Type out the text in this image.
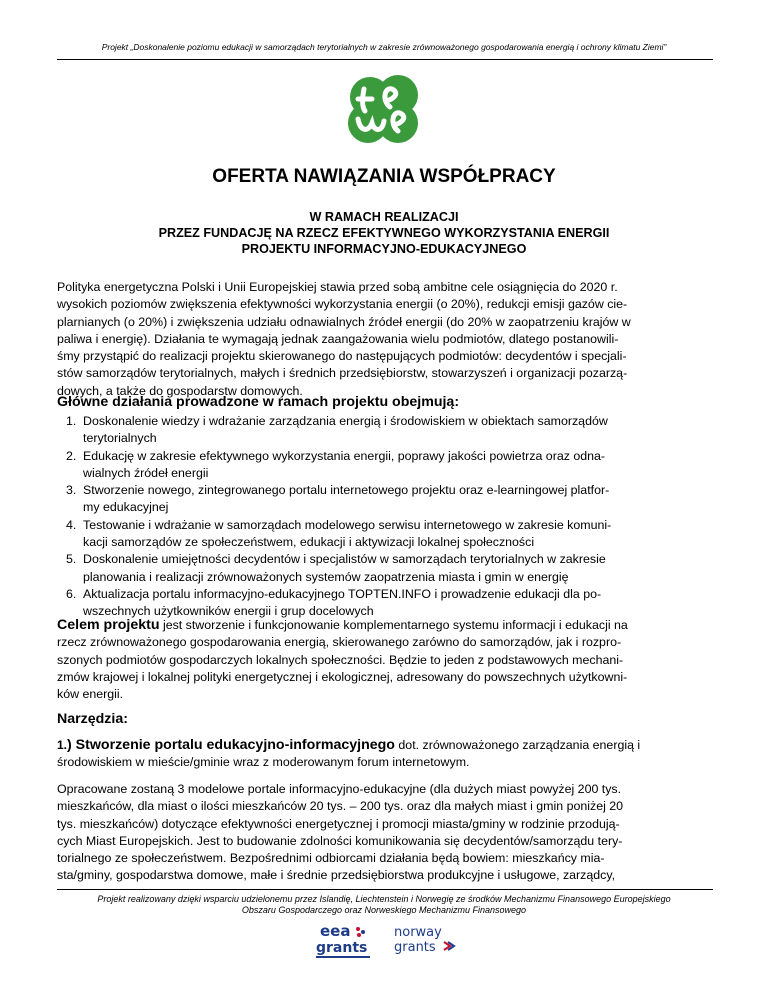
Projekt „Doskonalenie poziomu edukacji w samorządach terytorialnych w zakresie zrównoważonego gospodarowania energią i ochrony klimatu Ziemi”
OFERTA NAWIĄZANIA WSPÓŁPRACY
W RAMACH REALIZACJI
PRZEZ FUNDACJĘ NA RZECZ EFEKTYWNEGO WYKORZYSTANIA ENERGII
PROJEKTU INFORMACYJNO-EDUKACYJNEGO
Polityka energetyczna Polski i Unii Europejskiej stawia przed sobą ambitne cele osiągnięcia do 2020 r.
wysokich poziomów zwiększenia efektywności wykorzystania energii (o 20%), redukcji emisji gazów cie-
plarnianych (o 20%) i zwiększenia udziału odnawialnych źródeł energii (do 20% w zaopatrzeniu krajów w
paliwa i energię). Działania te wymagają jednak zaangażowania wielu podmiotów, dlatego postanowili-
śmy przystąpić do realizacji projektu skierowanego do następujących podmiotów: decydentów i specjali-
stów samorządów terytorialnych, małych i średnich przedsiębiorstw, stowarzyszeń i organizacji pozarzą-
dowych, a także do gospodarstw domowych.
Główne działania prowadzone w ramach projektu obejmują:
1. Doskonalenie wiedzy i wdrażanie zarządzania energią i środowiskiem w obiektach samorządów
terytorialnych
2. Edukację w zakresie efektywnego wykorzystania energii, poprawy jakości powietrza oraz odna-
wialnych źródeł energii
3. Stworzenie nowego, zintegrowanego portalu internetowego projektu oraz e-learningowej platfor-
my edukacyjnej
4. Testowanie i wdrażanie w samorządach modelowego serwisu internetowego w zakresie komuni-
kacji samorządów ze społeczeństwem, edukacji i aktywizacji lokalnej społeczności
5. Doskonalenie umiejętności decydentów i specjalistów w samorządach terytorialnych w zakresie
planowania i realizacji zrównoważonych systemów zaopatrzenia miasta i gmin w energię
6. Aktualizacja portalu informacyjno-edukacyjnego TOPTEN.INFO i prowadzenie edukacji dla po-
wszechnych użytkowników energii i grup docelowych
Celem projektu jest stworzenie i funkcjonowanie komplementarnego systemu informacji i edukacji na
rzecz zrównoważonego gospodarowania energią, skierowanego zarówno do samorządów, jak i rozpro-
szonych podmiotów gospodarczych lokalnych społeczności. Będzie to jeden z podstawowych mechani-
zmów krajowej i lokalnej polityki energetycznej i ekologicznej, adresowany do powszechnych użytkowni-
ków energii.
Narzędzia:
1.) Stworzenie portalu edukacyjno-informacyjnego dot. zrównoważonego zarządzania energią i
środowiskiem w mieście/gminie wraz z moderowanym forum internetowym.
Opracowane zostaną 3 modelowe portale informacyjno-edukacyjne (dla dużych miast powyżej 200 tys.
mieszkańców, dla miast o ilości mieszkańców 20 tys. – 200 tys. oraz dla małych miast i gmin poniżej 20
tys. mieszkańców) dotyczące efektywności energetycznej i promocji miasta/gminy w rodzinie przodują-
cych Miast Europejskich. Jest to budowanie zdolności komunikowania się decydentów/samorządu tery-
torialnego ze społeczeństwem. Bezpośrednimi odbiorcami działania będą bowiem: mieszkańcy mia-
sta/gminy, gospodarstwa domowe, małe i średnie przedsiębiorstwa produkcyjne i usługowe, zarządcy,
Projekt realizowany dzięki wsparciu udzielonemu przez Islandię, Liechtenstein i Norwegię ze środków Mechanizmu Finansowego Europejskiego
Obszaru Gospodarczego oraz Norweskiego Mechanizmu Finansowego
eea
grants
norway
grants
